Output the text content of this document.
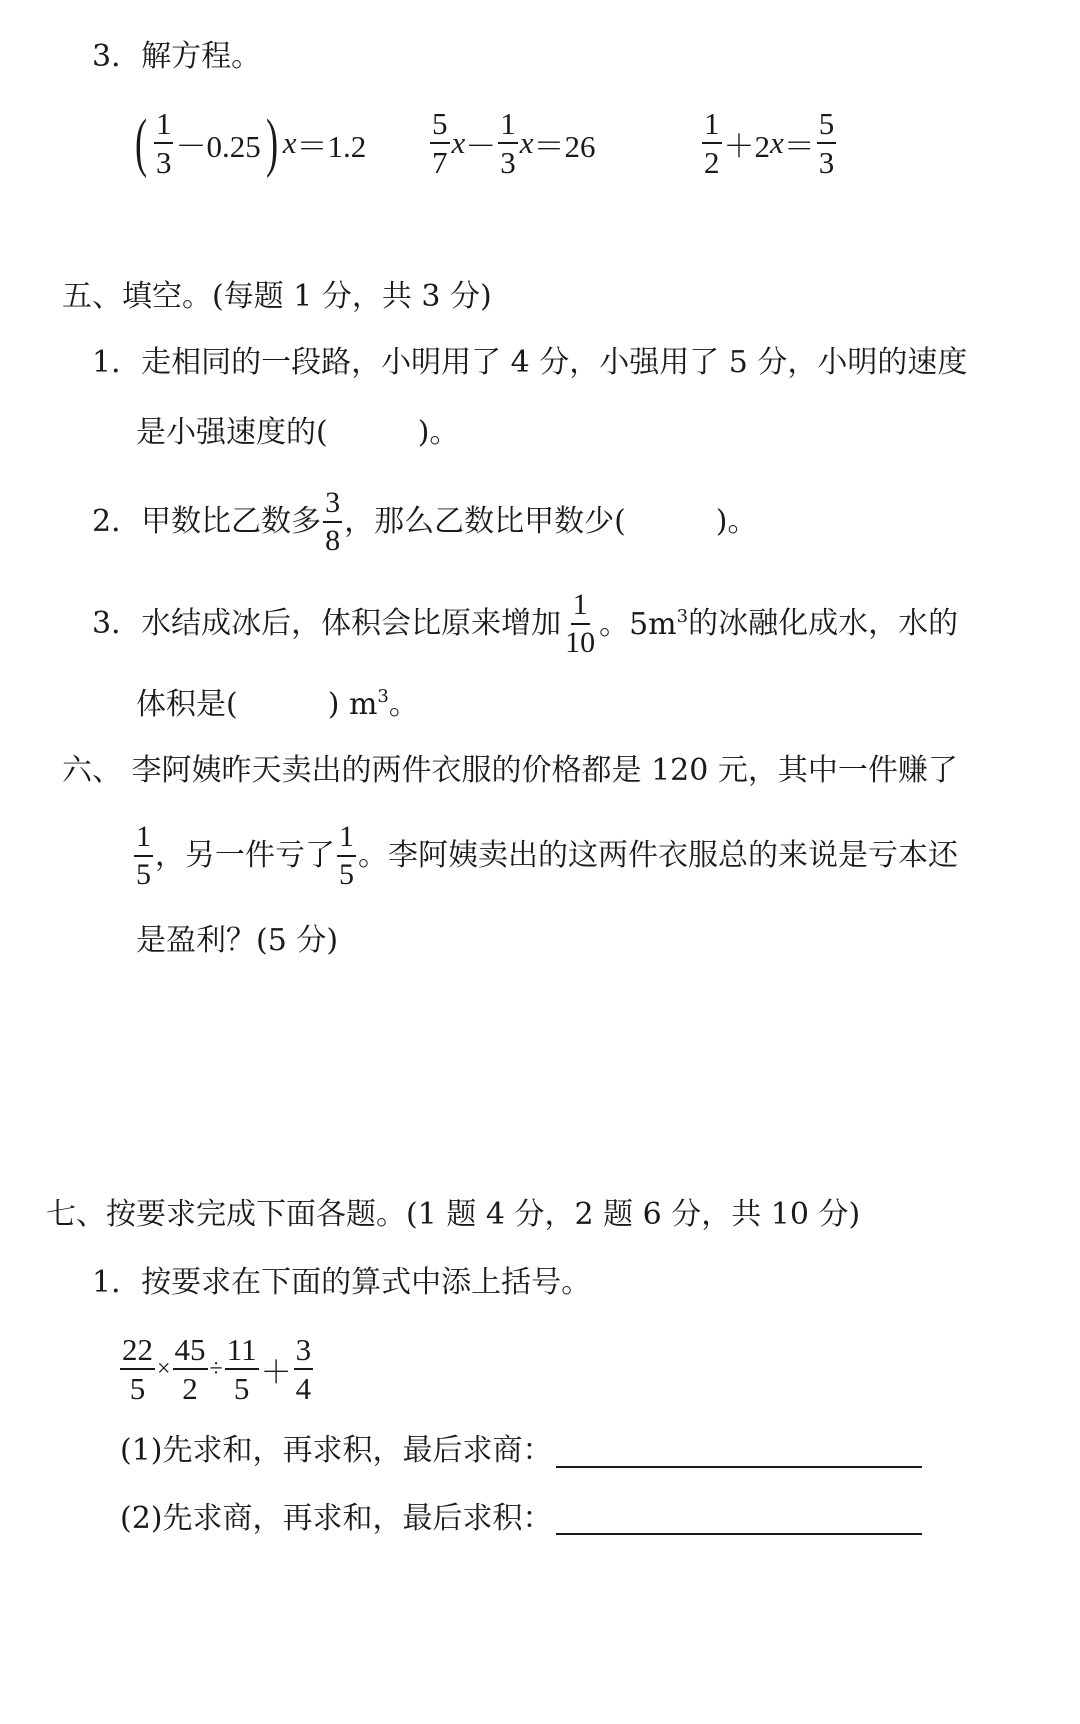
3．解方程。
( $\frac{1}{3} -0.25$ ) $x =1.2 \frac{5}{7}$ $x - \frac{1}{3}$ x ＝26	$\frac{1}{2} +2$ $x = \frac{5}{3}$
五、填空。(每题 1 分，共 3 分)
1．走相同的一段路，小明用了 4 分，小强用了 5 分，小明的速度
是小强速度的(　　　)。
2．甲数比乙数多 $\frac{3}{8}$ ，那么乙数比甲数少(　　　)。
3．水结成冰后，体积会比原来增加 $\frac{1}{10}$ 。$5m^3$ 的冰融化成水，水的
体积是(　　　) $m^3$。
六、 李阿姨昨天卖出的两件衣服的价格都是 120 元，其中一件赚了
$\frac{1}{5}$ ，另一件亏了 $\frac{1}{5}$ 。李阿姨卖出的这两件衣服总的来说是亏本还
是盈利？(5 分)
七、按要求完成下面各题。(1 题 4 分，2 题 6 分，共 10 分)
1．按要求在下面的算式中添上括号。
$\frac{22}{5} \times \frac{45}{2} \div \frac{11}{5} + \frac{3}{4}$
(1)先求和，再求积，最后求商：
(2)先求商，再求和，最后求积：
